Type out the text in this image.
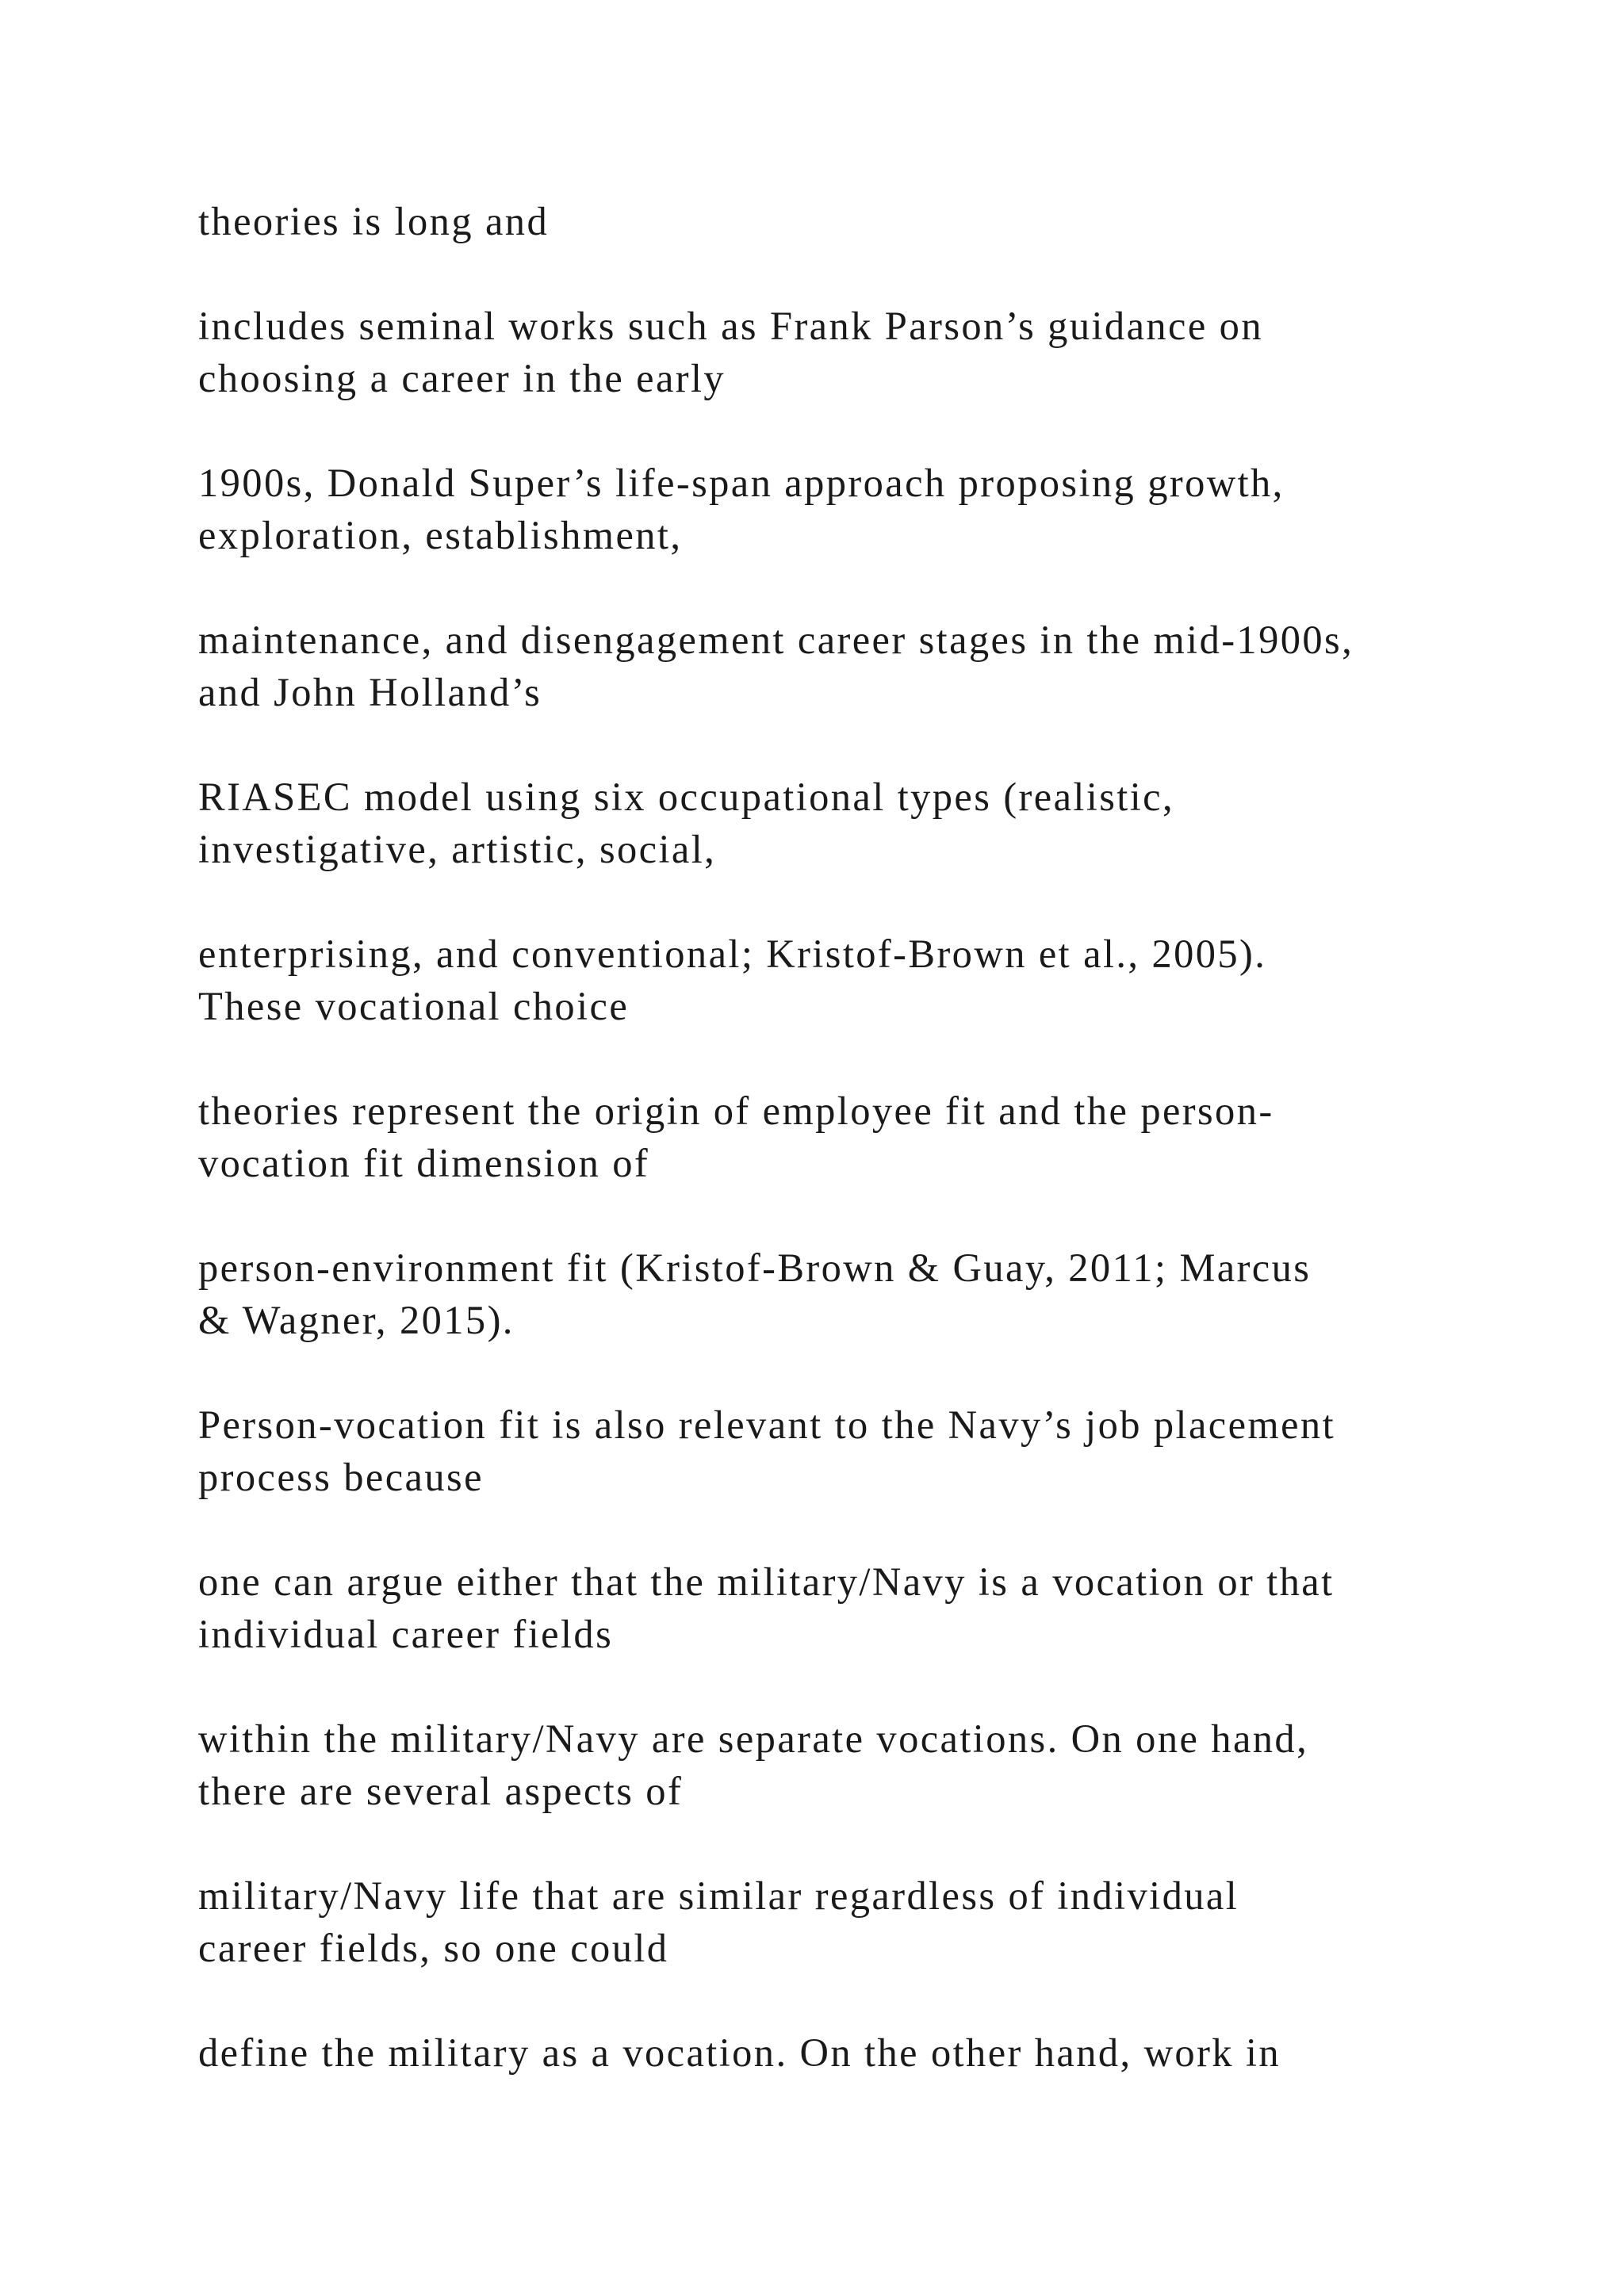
theories is long and

includes seminal works such as Frank Parson’s guidance on
choosing a career in the early

1900s, Donald Super’s life-span approach proposing growth,
exploration, establishment,

maintenance, and disengagement career stages in the mid-1900s,
and John Holland’s

RIASEC model using six occupational types (realistic,
investigative, artistic, social,

enterprising, and conventional; Kristof-Brown et al., 2005).
These vocational choice

theories represent the origin of employee fit and the person-
vocation fit dimension of

person-environment fit (Kristof-Brown & Guay, 2011; Marcus
& Wagner, 2015).

Person-vocation fit is also relevant to the Navy’s job placement
process because

one can argue either that the military/Navy is a vocation or that
individual career fields

within the military/Navy are separate vocations. On one hand,
there are several aspects of

military/Navy life that are similar regardless of individual
career fields, so one could

define the military as a vocation. On the other hand, work in
